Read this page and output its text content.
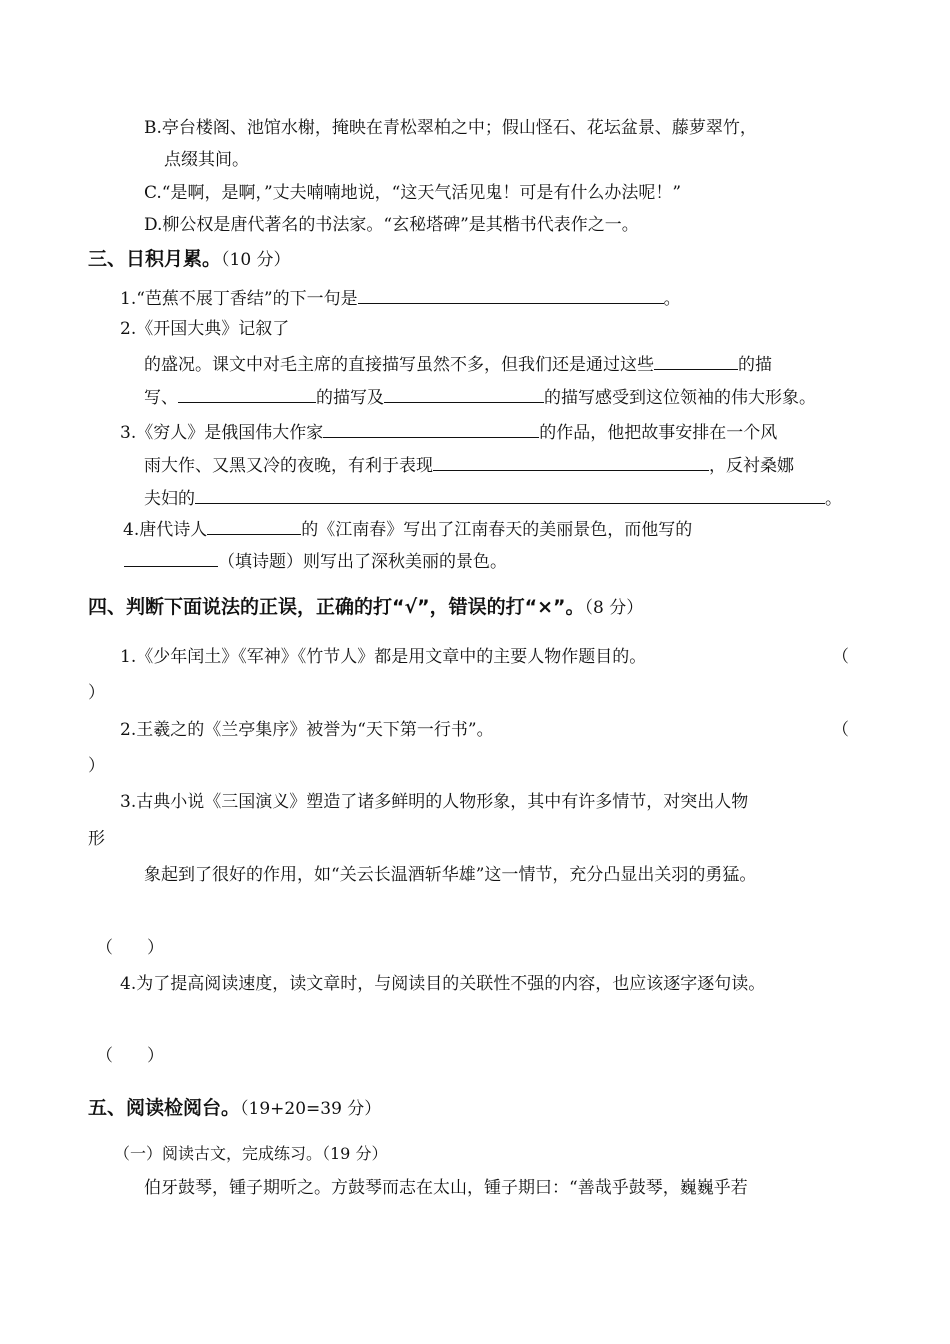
B.亭台楼阁、池馆水榭，掩映在青松翠柏之中；假山怪石、花坛盆景、藤萝翠竹，
点缀其间。
C.“是啊，是啊，”丈夫喃喃地说，“这天气活见鬼！可是有什么办法呢！”
D.柳公权是唐代著名的书法家。“玄秘塔碑”是其楷书代表作之一。
三、日积月累。（10 分）
1.“芭蕉不展丁香结”的下一句是	。
2.《开国大典》记叙了
的盛况。课文中对毛主席的直接描写虽然不多，但我们还是通过这些	的描
写、	的描写及	的描写感受到这位领袖的伟大形象。
3.《穷人》是俄国伟大作家	的作品，他把故事安排在一个风
雨大作、又黑又冷的夜晚，有利于表现	，反衬桑娜
夫妇的	。
4.唐代诗人	的《江南春》写出了江南春天的美丽景色，而他写的
（填诗题）则写出了深秋美丽的景色。
四、判断下面说法的正误，正确的打“√”，错误的打“×”。（8 分）
1.《少年闰土》《军神》《竹节人》都是用文章中的主要人物作题目的。	（
）
2.王羲之的《兰亭集序》被誉为“天下第一行书”。	（
）
3.古典小说《三国演义》塑造了诸多鲜明的人物形象，其中有许多情节，对突出人物
形
象起到了很好的作用，如“关云长温酒斩华雄”这一情节，充分凸显出关羽的勇猛。
（　　）
4.为了提高阅读速度，读文章时，与阅读目的关联性不强的内容，也应该逐字逐句读。
（　　）
五、阅读检阅台。（19+20=39 分）
（一）阅读古文，完成练习。（19 分）
伯牙鼓琴，锺子期听之。方鼓琴而志在太山，锺子期曰：“善哉乎鼓琴，巍巍乎若
